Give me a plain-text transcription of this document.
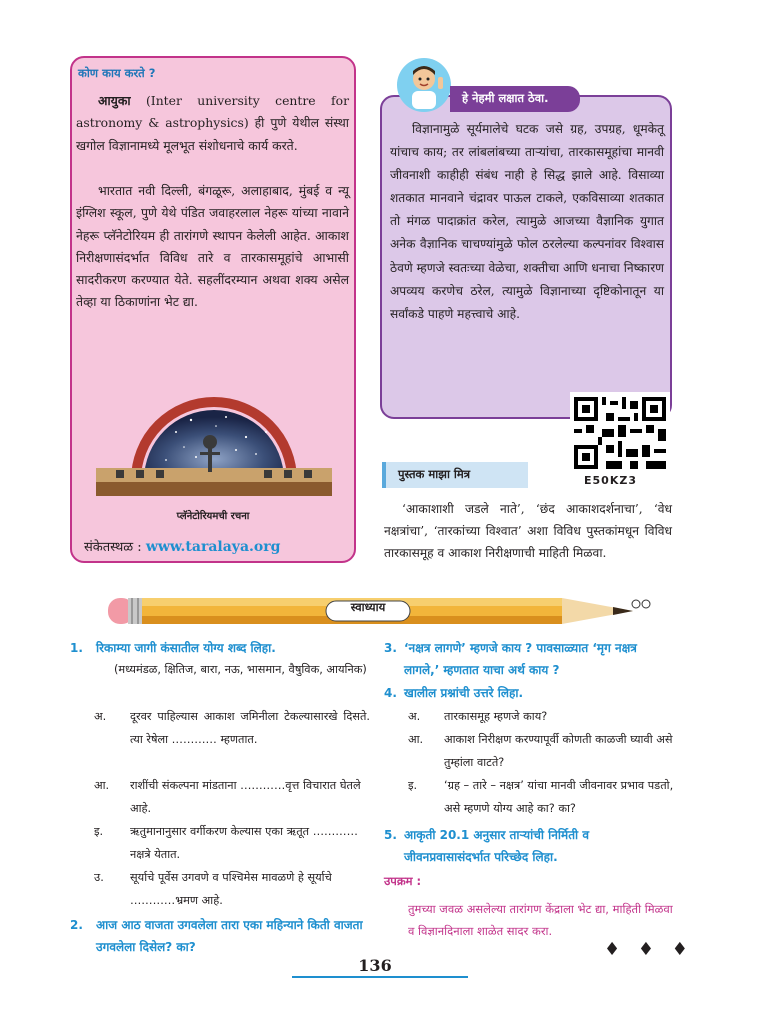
कोण काय करते ?
आयुका (Inter university centre for astronomy & astrophysics) ही पुणे येथील संस्था खगोल विज्ञानामध्ये मूलभूत संशोधनाचे कार्य करते.
भारतात नवी दिल्ली, बंगळूरू, अलाहाबाद, मुंबई व न्यू इंग्लिश स्कूल, पुणे येथे पंडित जवाहरलाल नेहरू यांच्या नावाने नेहरू प्लॅनेटोरियम ही तारांगणे स्थापन केलेली आहेत. आकाश निरीक्षणासंदर्भात विविध तारे व तारकासमूहांचे आभासी सादरीकरण करण्यात येते. सहलींदरम्यान अथवा शक्य असेल तेव्हा या ठिकाणांना भेट द्या.
प्लॅनेटोरियमची रचना
संकेतस्थळ : www.taralaya.org
हे नेहमी लक्षात ठेवा.
विज्ञानामुळे सूर्यमालेचे घटक जसे ग्रह, उपग्रह, धूमकेतू यांचाच काय; तर लांबलांबच्या ताऱ्यांचा, तारकासमूहांचा मानवी जीवनाशी काहीही संबंध नाही हे सिद्ध झाले आहे. विसाव्या शतकात मानवाने चंद्रावर पाऊल टाकले, एकविसाव्या शतकात तो मंगळ पादाक्रांत करेल, त्यामुळे आजच्या वैज्ञानिक युगात अनेक वैज्ञानिक चाचण्यांमुळे फोल ठरलेल्या कल्पनांवर विश्वास ठेवणे म्हणजे स्वतःच्या वेळेचा, शक्तीचा आणि धनाचा निष्कारण अपव्यय करणेच ठरेल, त्यामुळे विज्ञानाच्या दृष्टिकोनातून या सर्वांकडे पाहणे महत्त्वाचे आहे.
E50KZ3
पुस्तक माझा मित्र
‘आकाशाशी जडले नाते’, ‘छंद आकाशदर्शनाचा’, ‘वेध नक्षत्रांचा’, ‘तारकांच्या विश्वात’ अशा विविध पुस्तकांमधून विविध तारकासमूह व आकाश निरीक्षणाची माहिती मिळवा.
स्वाध्याय
1. रिकाम्या जागी कंसातील योग्य शब्द लिहा.
(मध्यमंडळ, क्षितिज, बारा, नऊ, भासमान, वैषुविक, आयनिक)
अ. दूरवर पाहिल्यास आकाश जमिनीला टेकल्यासारखे दिसते. त्या रेषेला ………… म्हणतात.
आ. राशींची संकल्पना मांडताना …………वृत्त विचारात घेतले आहे.
इ. ऋतुमानानुसार वर्गीकरण केल्यास एका ऋतूत ………… नक्षत्रे येतात.
उ. सूर्याचे पूर्वेस उगवणे व पश्चिमेस मावळणे हे सूर्याचे …………भ्रमण आहे.
2. आज आठ वाजता उगवलेला तारा एका महिन्याने किती वाजता उगवलेला दिसेल? का?
3. ‘नक्षत्र लागणे’ म्हणजे काय ? पावसाळ्यात ‘मृग नक्षत्र लागले,’ म्हणतात याचा अर्थ काय ?
4. खालील प्रश्नांची उत्तरे लिहा.
अ. तारकासमूह म्हणजे काय?
आ. आकाश निरीक्षण करण्यापूर्वी कोणती काळजी घ्यावी असे तुम्हांला वाटते?
इ. ‘ग्रह – तारे – नक्षत्र’ यांचा मानवी जीवनावर प्रभाव पडतो, असे म्हणणे योग्य आहे का? का?
5. आकृती 20.1 अनुसार ताऱ्यांची निर्मिती व जीवनप्रवासासंदर्भात परिच्छेद लिहा.
उपक्रम :
तुमच्या जवळ असलेल्या तारांगण केंद्राला भेट द्या, माहिती मिळवा व विज्ञानदिनाला शाळेत सादर करा.
♦ ♦ ♦
136
